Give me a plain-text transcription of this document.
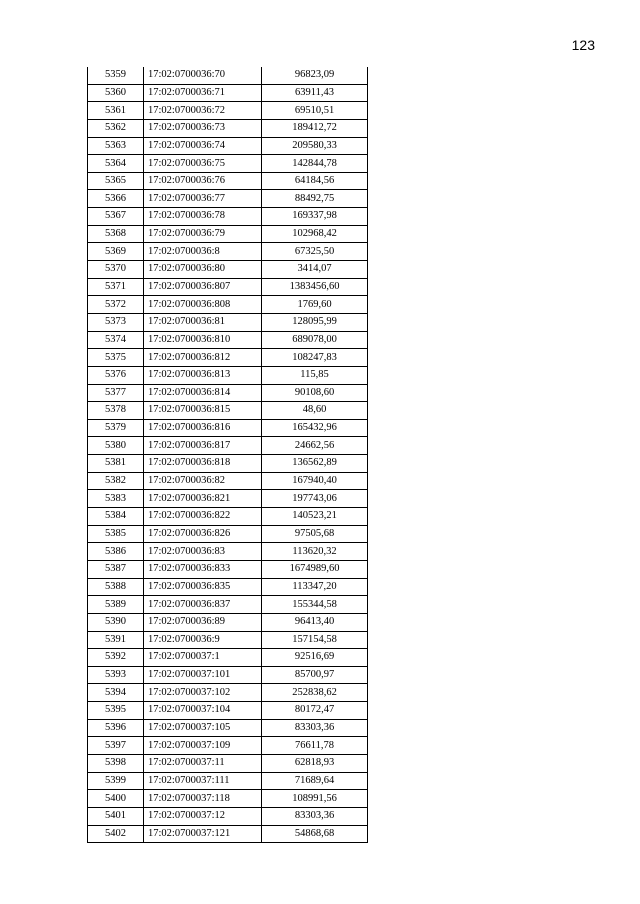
123
5359	17:02:0700036:70	96823,09
5360	17:02:0700036:71	63911,43
5361	17:02:0700036:72	69510,51
5362	17:02:0700036:73	189412,72
5363	17:02:0700036:74	209580,33
5364	17:02:0700036:75	142844,78
5365	17:02:0700036:76	64184,56
5366	17:02:0700036:77	88492,75
5367	17:02:0700036:78	169337,98
5368	17:02:0700036:79	102968,42
5369	17:02:0700036:8	67325,50
5370	17:02:0700036:80	3414,07
5371	17:02:0700036:807	1383456,60
5372	17:02:0700036:808	1769,60
5373	17:02:0700036:81	128095,99
5374	17:02:0700036:810	689078,00
5375	17:02:0700036:812	108247,83
5376	17:02:0700036:813	115,85
5377	17:02:0700036:814	90108,60
5378	17:02:0700036:815	48,60
5379	17:02:0700036:816	165432,96
5380	17:02:0700036:817	24662,56
5381	17:02:0700036:818	136562,89
5382	17:02:0700036:82	167940,40
5383	17:02:0700036:821	197743,06
5384	17:02:0700036:822	140523,21
5385	17:02:0700036:826	97505,68
5386	17:02:0700036:83	113620,32
5387	17:02:0700036:833	1674989,60
5388	17:02:0700036:835	113347,20
5389	17:02:0700036:837	155344,58
5390	17:02:0700036:89	96413,40
5391	17:02:0700036:9	157154,58
5392	17:02:0700037:1	92516,69
5393	17:02:0700037:101	85700,97
5394	17:02:0700037:102	252838,62
5395	17:02:0700037:104	80172,47
5396	17:02:0700037:105	83303,36
5397	17:02:0700037:109	76611,78
5398	17:02:0700037:11	62818,93
5399	17:02:0700037:111	71689,64
5400	17:02:0700037:118	108991,56
5401	17:02:0700037:12	83303,36
5402	17:02:0700037:121	54868,68
